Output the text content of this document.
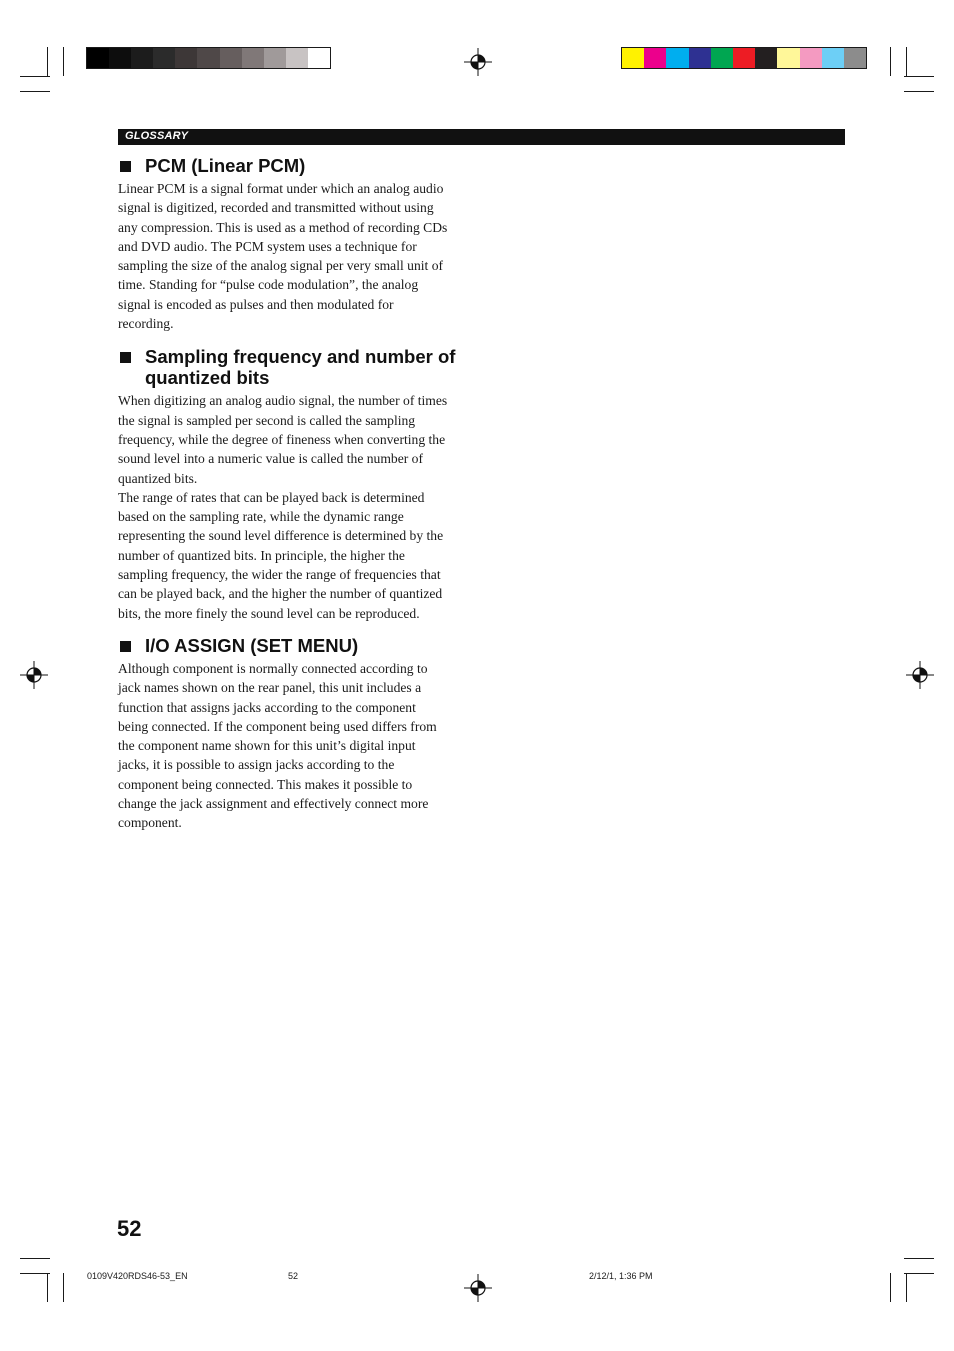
GLOSSARY
PCM (Linear PCM)

Linear PCM is a signal format under which an analog audio
signal is digitized, recorded and transmitted without using
any compression. This is used as a method of recording CDs
and DVD audio. The PCM system uses a technique for
sampling the size of the analog signal per very small unit of
time. Standing for “pulse code modulation”, the analog
signal is encoded as pulses and then modulated for
recording.

Sampling frequency and number of
quantized bits

When digitizing an analog audio signal, the number of times
the signal is sampled per second is called the sampling
frequency, while the degree of fineness when converting the
sound level into a numeric value is called the number of
quantized bits.
The range of rates that can be played back is determined
based on the sampling rate, while the dynamic range
representing the sound level difference is determined by the
number of quantized bits. In principle, the higher the
sampling frequency, the wider the range of frequencies that
can be played back, and the higher the number of quantized
bits, the more finely the sound level can be reproduced.

I/O ASSIGN (SET MENU)

Although component is normally connected according to
jack names shown on the rear panel, this unit includes a
function that assigns jacks according to the component
being connected. If the component being used differs from
the component name shown for this unit’s digital input
jacks, it is possible to assign jacks according to the
component being connected. This makes it possible to
change the jack assignment and effectively connect more
component.

52
0109V420RDS46-53_EN	52	2/12/1, 1:36 PM
